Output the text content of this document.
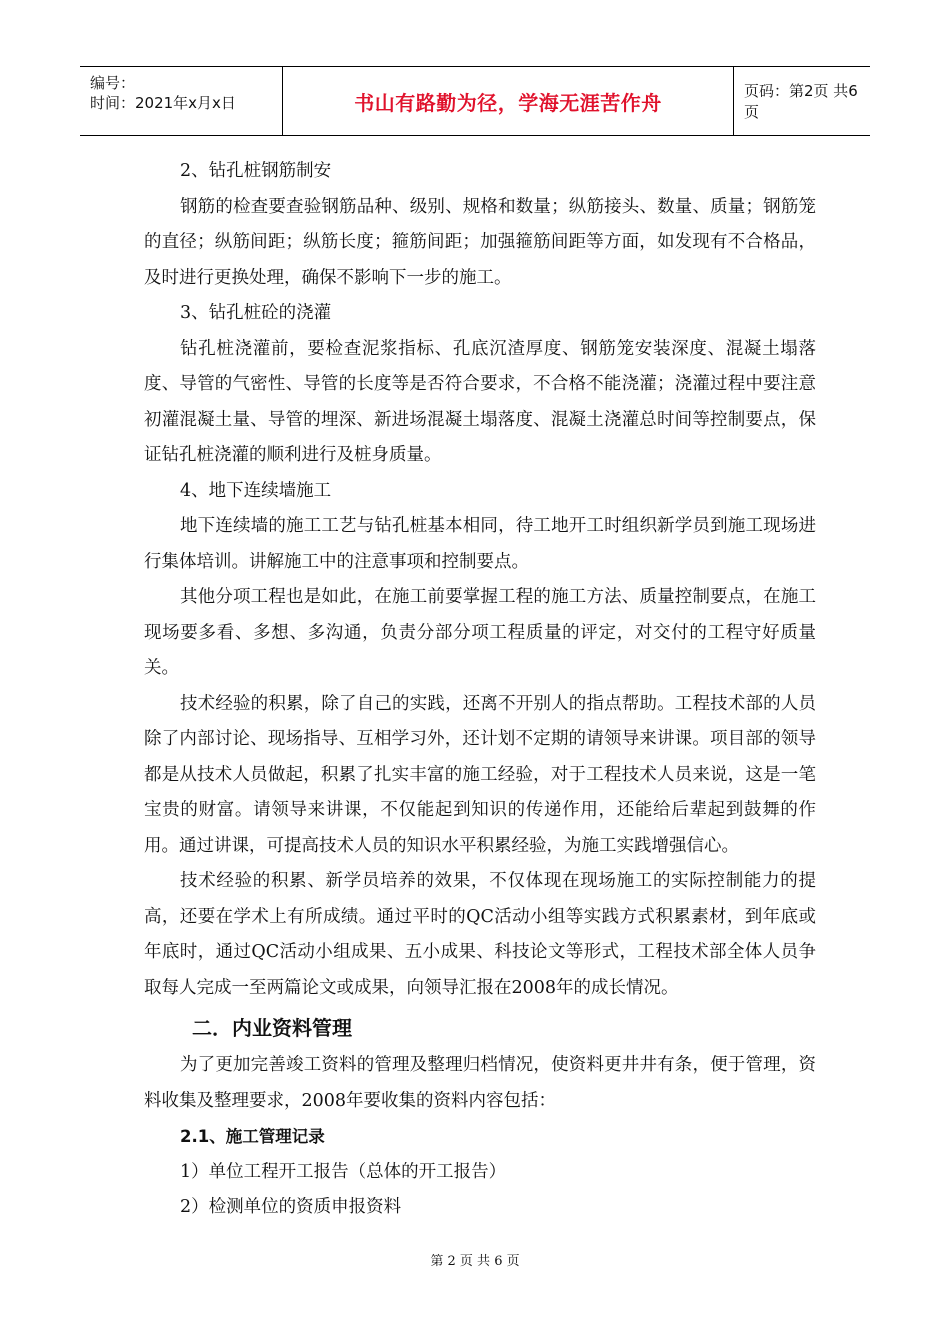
编号：
时间：2021年x月x日	书山有路勤为径，学海无涯苦作舟	页码：第2页 共6页

2、钻孔桩钢筋制安

钢筋的检查要查验钢筋品种、级别、规格和数量；纵筋接头、数量、质量；钢筋笼的直径；纵筋间距；纵筋长度；箍筋间距；加强箍筋间距等方面，如发现有不合格品，及时进行更换处理，确保不影响下一步的施工。

3、钻孔桩砼的浇灌

钻孔桩浇灌前，要检查泥浆指标、孔底沉渣厚度、钢筋笼安装深度、混凝土塌落度、导管的气密性、导管的长度等是否符合要求，不合格不能浇灌；浇灌过程中要注意初灌混凝土量、导管的埋深、新进场混凝土塌落度、混凝土浇灌总时间等控制要点，保证钻孔桩浇灌的顺利进行及桩身质量。

4、地下连续墙施工

地下连续墙的施工工艺与钻孔桩基本相同，待工地开工时组织新学员到施工现场进行集体培训。讲解施工中的注意事项和控制要点。

其他分项工程也是如此，在施工前要掌握工程的施工方法、质量控制要点，在施工现场要多看、多想、多沟通，负责分部分项工程质量的评定，对交付的工程守好质量关。

技术经验的积累，除了自己的实践，还离不开别人的指点帮助。工程技术部的人员除了内部讨论、现场指导、互相学习外，还计划不定期的请领导来讲课。项目部的领导都是从技术人员做起，积累了扎实丰富的施工经验，对于工程技术人员来说，这是一笔宝贵的财富。请领导来讲课，不仅能起到知识的传递作用，还能给后辈起到鼓舞的作用。通过讲课，可提高技术人员的知识水平积累经验，为施工实践增强信心。

技术经验的积累、新学员培养的效果，不仅体现在现场施工的实际控制能力的提高，还要在学术上有所成绩。通过平时的QC活动小组等实践方式积累素材，到年底或年底时，通过QC活动小组成果、五小成果、科技论文等形式，工程技术部全体人员争取每人完成一至两篇论文或成果，向领导汇报在2008年的成长情况。

二．内业资料管理

为了更加完善竣工资料的管理及整理归档情况，使资料更井井有条，便于管理，资料收集及整理要求，2008年要收集的资料内容包括：

2.1、施工管理记录

1）单位工程开工报告（总体的开工报告）

2）检测单位的资质申报资料

第 2 页 共 6 页
